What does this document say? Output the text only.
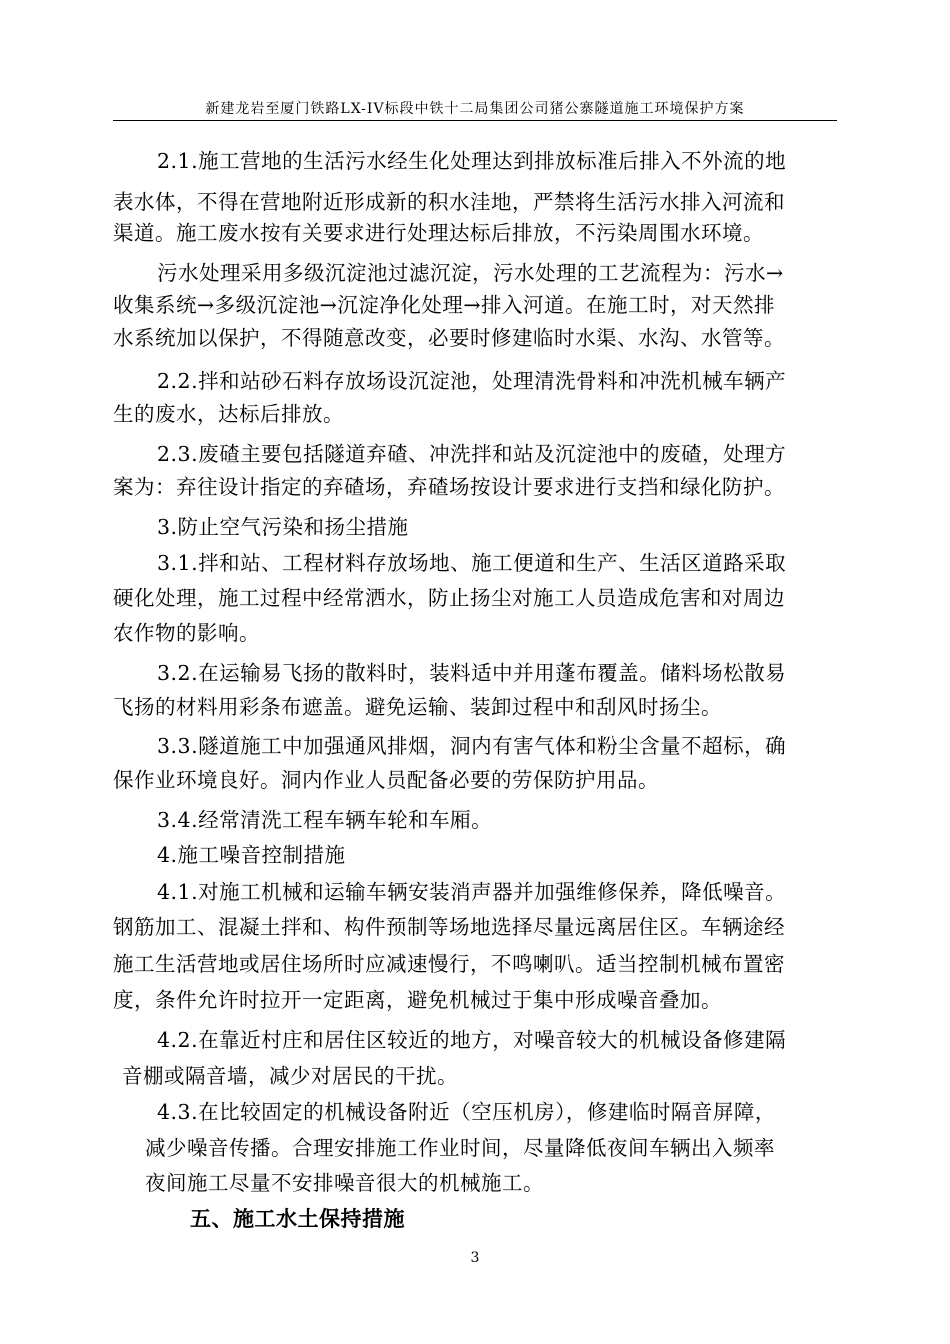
新建龙岩至厦门铁路LX-IV标段中铁十二局集团公司猪公寨隧道施工环境保护方案
2.1.施工营地的生活污水经生化处理达到排放标准后排入不外流的地
表水体，不得在营地附近形成新的积水洼地，严禁将生活污水排入河流和
渠道。施工废水按有关要求进行处理达标后排放，不污染周围水环境。
污水处理采用多级沉淀池过滤沉淀，污水处理的工艺流程为：污水→
收集系统→多级沉淀池→沉淀净化处理→排入河道。在施工时，对天然排
水系统加以保护，不得随意改变，必要时修建临时水渠、水沟、水管等。
2.2.拌和站砂石料存放场设沉淀池，处理清洗骨料和冲洗机械车辆产
生的废水，达标后排放。
2.3.废碴主要包括隧道弃碴、冲洗拌和站及沉淀池中的废碴，处理方
案为：弃往设计指定的弃碴场，弃碴场按设计要求进行支挡和绿化防护。
3.防止空气污染和扬尘措施
3.1.拌和站、工程材料存放场地、施工便道和生产、生活区道路采取
硬化处理，施工过程中经常洒水，防止扬尘对施工人员造成危害和对周边
农作物的影响。
3.2.在运输易飞扬的散料时，装料适中并用蓬布覆盖。储料场松散易
飞扬的材料用彩条布遮盖。避免运输、装卸过程中和刮风时扬尘。
3.3.隧道施工中加强通风排烟，洞内有害气体和粉尘含量不超标，确
保作业环境良好。洞内作业人员配备必要的劳保防护用品。
3.4.经常清洗工程车辆车轮和车厢。
4.施工噪音控制措施
4.1.对施工机械和运输车辆安装消声器并加强维修保养，降低噪音。
钢筋加工、混凝土拌和、构件预制等场地选择尽量远离居住区。车辆途经
施工生活营地或居住场所时应减速慢行，不鸣喇叭。适当控制机械布置密
度，条件允许时拉开一定距离，避免机械过于集中形成噪音叠加。
4.2.在靠近村庄和居住区较近的地方，对噪音较大的机械设备修建隔
音棚或隔音墙，减少对居民的干扰。
4.3.在比较固定的机械设备附近（空压机房），修建临时隔音屏障，
减少噪音传播。合理安排施工作业时间，尽量降低夜间车辆出入频率
夜间施工尽量不安排噪音很大的机械施工。
五、施工水土保持措施
3
